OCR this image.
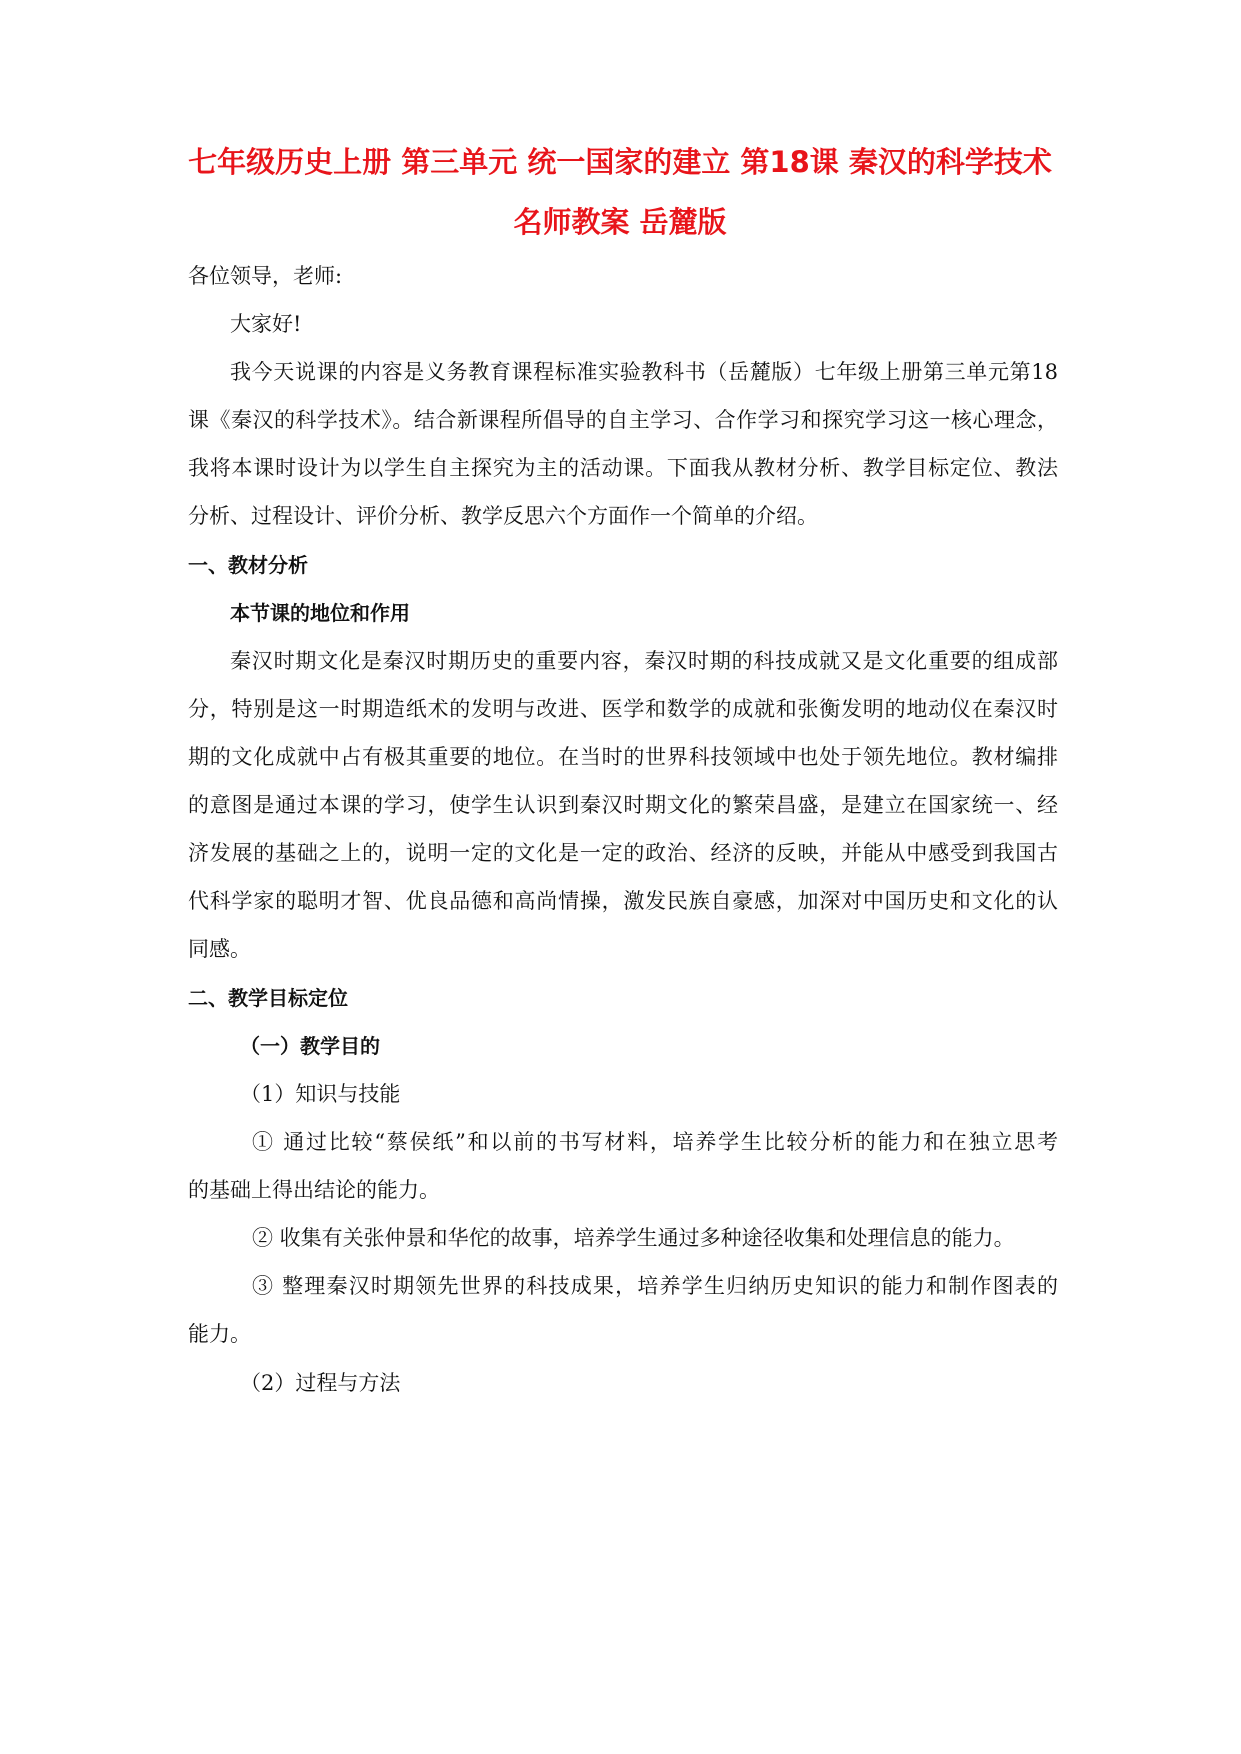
七年级历史上册 第三单元 统一国家的建立 第18课 秦汉的科学技术
名师教案 岳麓版
各位领导，老师:
大家好!
我今天说课的内容是义务教育课程标准实验教科书（岳麓版）七年级上册第三单元第18
课《秦汉的科学技术》。结合新课程所倡导的自主学习、合作学习和探究学习这一核心理念，
我将本课时设计为以学生自主探究为主的活动课。下面我从教材分析、教学目标定位、教法
分析、过程设计、评价分析、教学反思六个方面作一个简单的介绍。
一、教材分析
本节课的地位和作用
秦汉时期文化是秦汉时期历史的重要内容，秦汉时期的科技成就又是文化重要的组成部
分，特别是这一时期造纸术的发明与改进、医学和数学的成就和张衡发明的地动仪在秦汉时
期的文化成就中占有极其重要的地位。在当时的世界科技领域中也处于领先地位。教材编排
的意图是通过本课的学习，使学生认识到秦汉时期文化的繁荣昌盛，是建立在国家统一、经
济发展的基础之上的，说明一定的文化是一定的政治、经济的反映，并能从中感受到我国古
代科学家的聪明才智、优良品德和高尚情操，激发民族自豪感，加深对中国历史和文化的认
同感。
二、教学目标定位
（一）教学目的
（1）知识与技能
① 通过比较“蔡侯纸”和以前的书写材料，培养学生比较分析的能力和在独立思考
的基础上得出结论的能力。
② 收集有关张仲景和华佗的故事，培养学生通过多种途径收集和处理信息的能力。
③ 整理秦汉时期领先世界的科技成果，培养学生归纳历史知识的能力和制作图表的
能力。
（2）过程与方法
